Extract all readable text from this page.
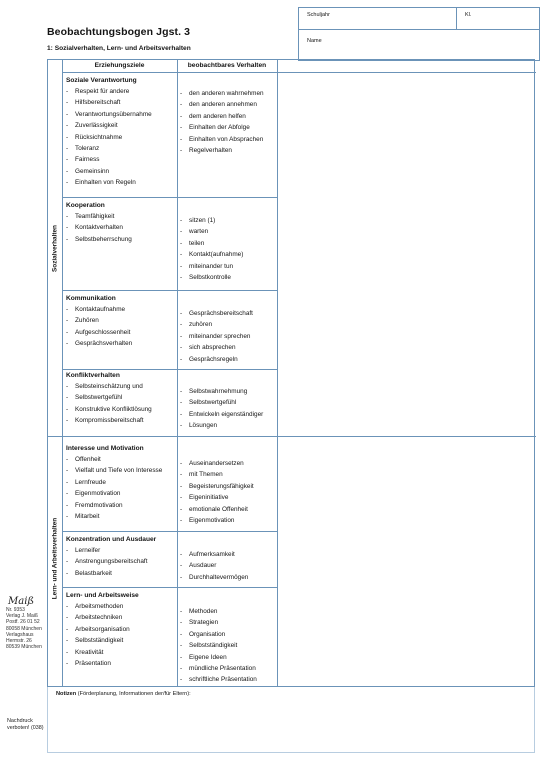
Beobachtungsbogen Jgst. 3
1: Sozialverhalten, Lern- und Arbeitsverhalten
Schuljahr	Kl.
Name
Erziehungsziele	beobachtbares Verhalten
Sozialverhalten
Lern- und Arbeitsverhalten
Soziale Verantwortung
- Respekt für andere
- Hilfsbereitschaft
- Verantwortungsübernahme
- Zuverlässigkeit
- Rücksichtnahme
- Toleranz
- Fairness
- Gemeinsinn
- Einhalten von Regeln
- den anderen wahrnehmen
- den anderen annehmen
- dem anderen helfen
- Einhalten der Abfolge
- Einhalten von Absprachen
- Regelverhalten
Kooperation
- Teamfähigkeit
- Kontaktverhalten
- Selbstbeherrschung
- sitzen (1)
- warten
- teilen
- Kontakt(aufnahme)
- miteinander tun
- Selbstkontrolle
Kommunikation
- Kontaktaufnahme
- Zuhören
- Aufgeschlossenheit
- Gesprächsverhalten
- Gesprächsbereitschaft
- zuhören
- miteinander sprechen
- sich absprechen
- Gesprächsregeln
Konfliktverhalten
- Selbsteinschätzung und
- Selbstwertgefühl
- Konstruktive Konfliktlösung
- Kompromissbereitschaft
- Selbstwahrnehmung
- Selbstwertgefühl
- Entwickeln eigenständiger
- Lösungen
Interesse und Motivation
- Offenheit
- Vielfalt und Tiefe von Interesse
- Lernfreude
- Eigenmotivation
- Fremdmotivation
- Mitarbeit
- Auseinandersetzen
- mit Themen
- Begeisterungsfähigkeit
- Eigeninitiative
- emotionale Offenheit
- Eigenmotivation
Konzentration und Ausdauer
- Lerneifer
- Anstrengungsbereitschaft
- Belastbarkeit
- Aufmerksamkeit
- Ausdauer
- Durchhaltevermögen
Lern- und Arbeitsweise
- Arbeitsmethoden
- Arbeitstechniken
- Arbeitsorganisation
- Selbstständigkeit
- Kreativität
- Präsentation
- Methoden
- Strategien
- Organisation
- Selbstständigkeit
- Eigene Ideen
- mündliche Präsentation
- schriftliche Präsentation
Notizen (Förderplanung, Informationen der/für Eltern):
Maiß
Nr. 9353
Verlag J. Maiß
Postf. 26 01 52
80058 München
Verlagshaus
Hermstr. 26
80539 München
Nachdruck
verboten! (038)
